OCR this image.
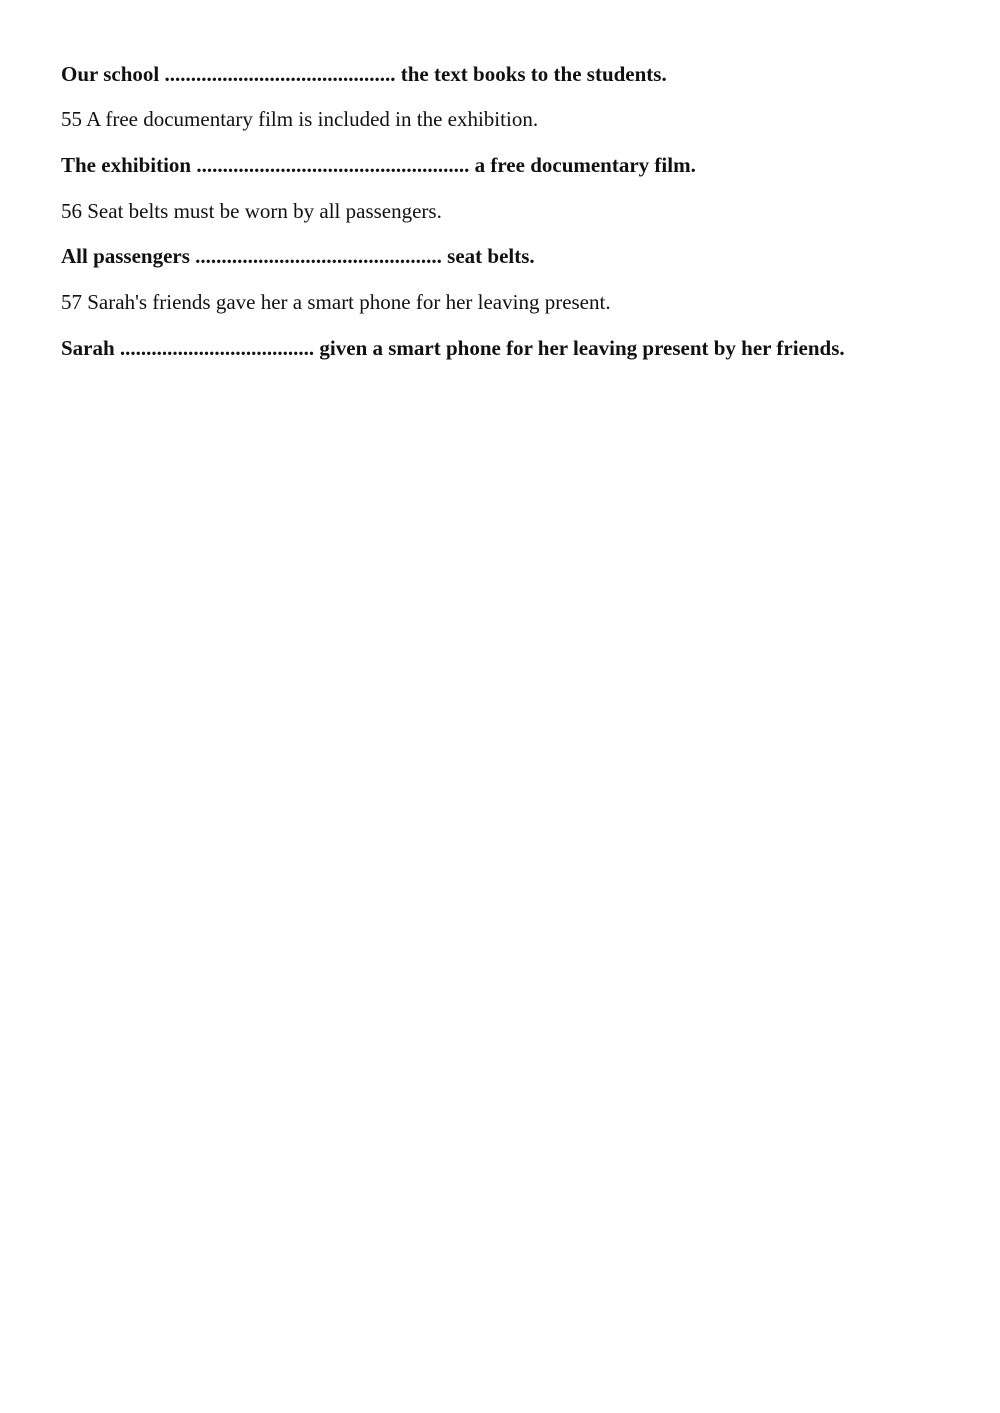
Our school ............................................ the text books to the students.
55 A free documentary film is included in the exhibition.
The exhibition .................................................... a free documentary film.
56 Seat belts must be worn by all passengers.
All passengers ............................................... seat belts.
57 Sarah's friends gave her a smart phone for her leaving present.
Sarah ..................................... given a smart phone for her leaving present by her friends.
